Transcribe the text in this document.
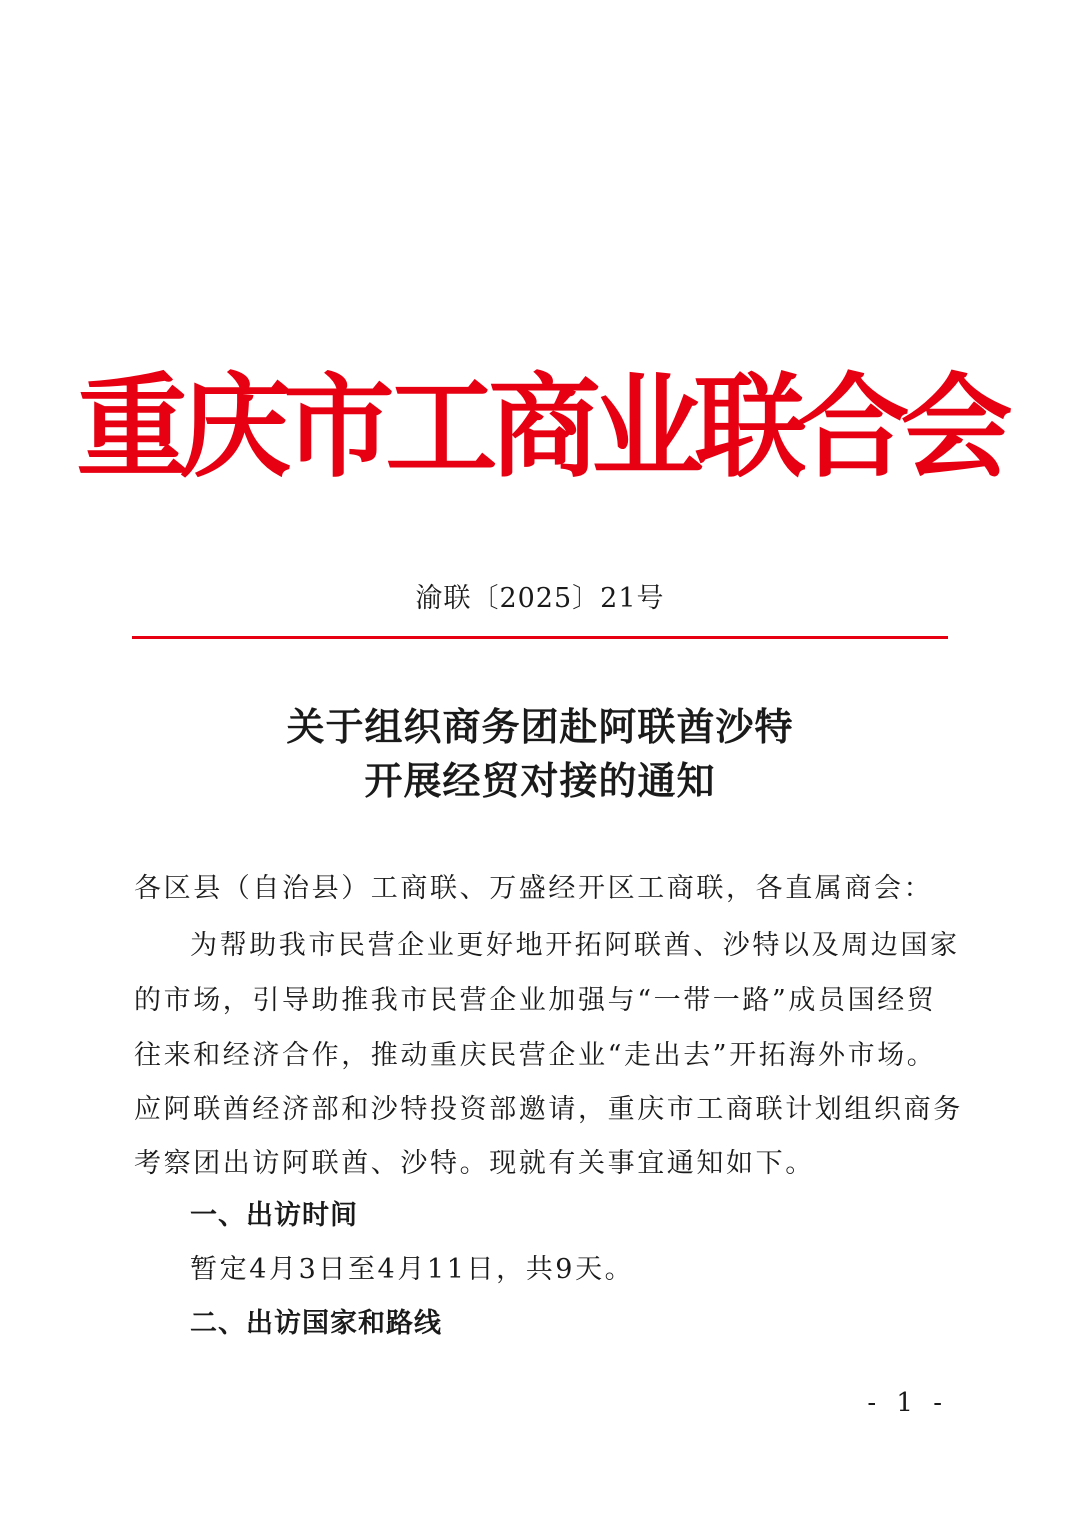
重庆市工商业联合会
渝联〔2025〕21号
关于组织商务团赴阿联酋沙特
开展经贸对接的通知
各区县（自治县）工商联、万盛经开区工商联，各直属商会：
为帮助我市民营企业更好地开拓阿联酋、沙特以及周边国家
的市场，引导助推我市民营企业加强与“一带一路”成员国经贸
往来和经济合作，推动重庆民营企业“走出去”开拓海外市场。
应阿联酋经济部和沙特投资部邀请，重庆市工商联计划组织商务
考察团出访阿联酋、沙特。现就有关事宜通知如下。
一、出访时间
暂定4月3日至4月11日，共9天。
二、出访国家和路线
- 1 -
